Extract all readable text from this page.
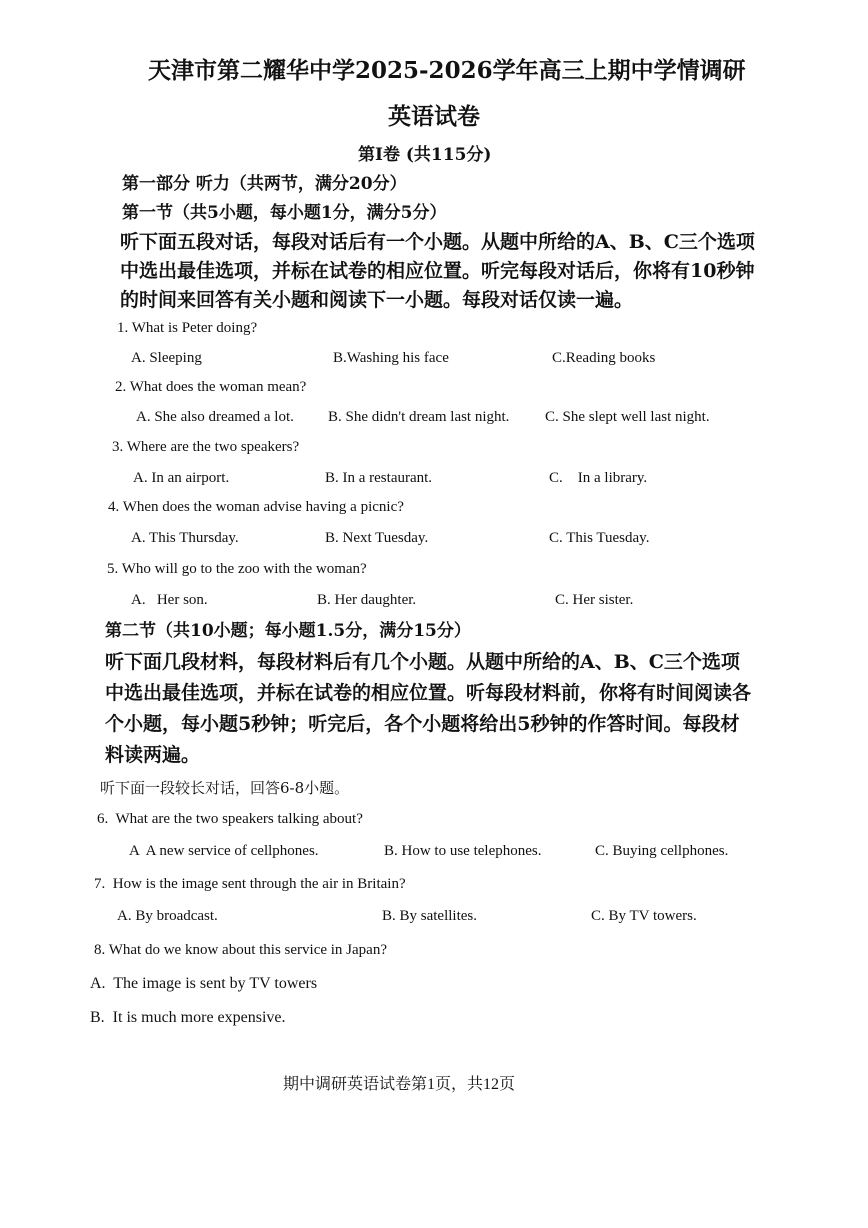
天津市第二耀华中学2025-2026学年高三上期中学情调研
英语试卷
第Ⅰ卷 (共115分)
第一部分 听力（共两节，满分20分）
第一节（共5小题，每小题1分，满分5分）
听下面五段对话，每段对话后有一个小题。从题中所给的A、B、C三个选项
中选出最佳选项，并标在试卷的相应位置。听完每段对话后，你将有10秒钟
的时间来回答有关小题和阅读下一小题。每段对话仅读一遍。
1. What is Peter doing?
A. Sleeping	B.Washing his face	C.Reading books
2. What does the woman mean?
A. She also dreamed a lot. B. She didn't dream last night. C. She slept well last night.
3. Where are the two speakers?
A. In an airport.	B. In a restaurant.	C.    In a library.
4. When does the woman advise having a picnic?
A. This Thursday.	B. Next Tuesday.	C. This Tuesday.
5. Who will go to the zoo with the woman?
A.   Her son.	B. Her daughter.	C. Her sister.
第二节（共10小题；每小题1.5分，满分15分）
听下面几段材料，每段材料后有几个小题。从题中所给的A、B、C三个选项
中选出最佳选项，并标在试卷的相应位置。听每段材料前，你将有时间阅读各
个小题，每小题5秒钟；听完后，各个小题将给出5秒钟的作答时间。每段材
料读两遍。
听下面一段较长对话，回答6-8小题。
6.  What are the two speakers talking about?
A  A new service of cellphones.	B. How to use telephones.	C. Buying cellphones.
7.  How is the image sent through the air in Britain?
A. By broadcast.	B. By satellites.	C. By TV towers.
8. What do we know about this service in Japan?
A.  The image is sent by TV towers
B.  It is much more expensive.
期中调研英语试卷第1页，共12页
